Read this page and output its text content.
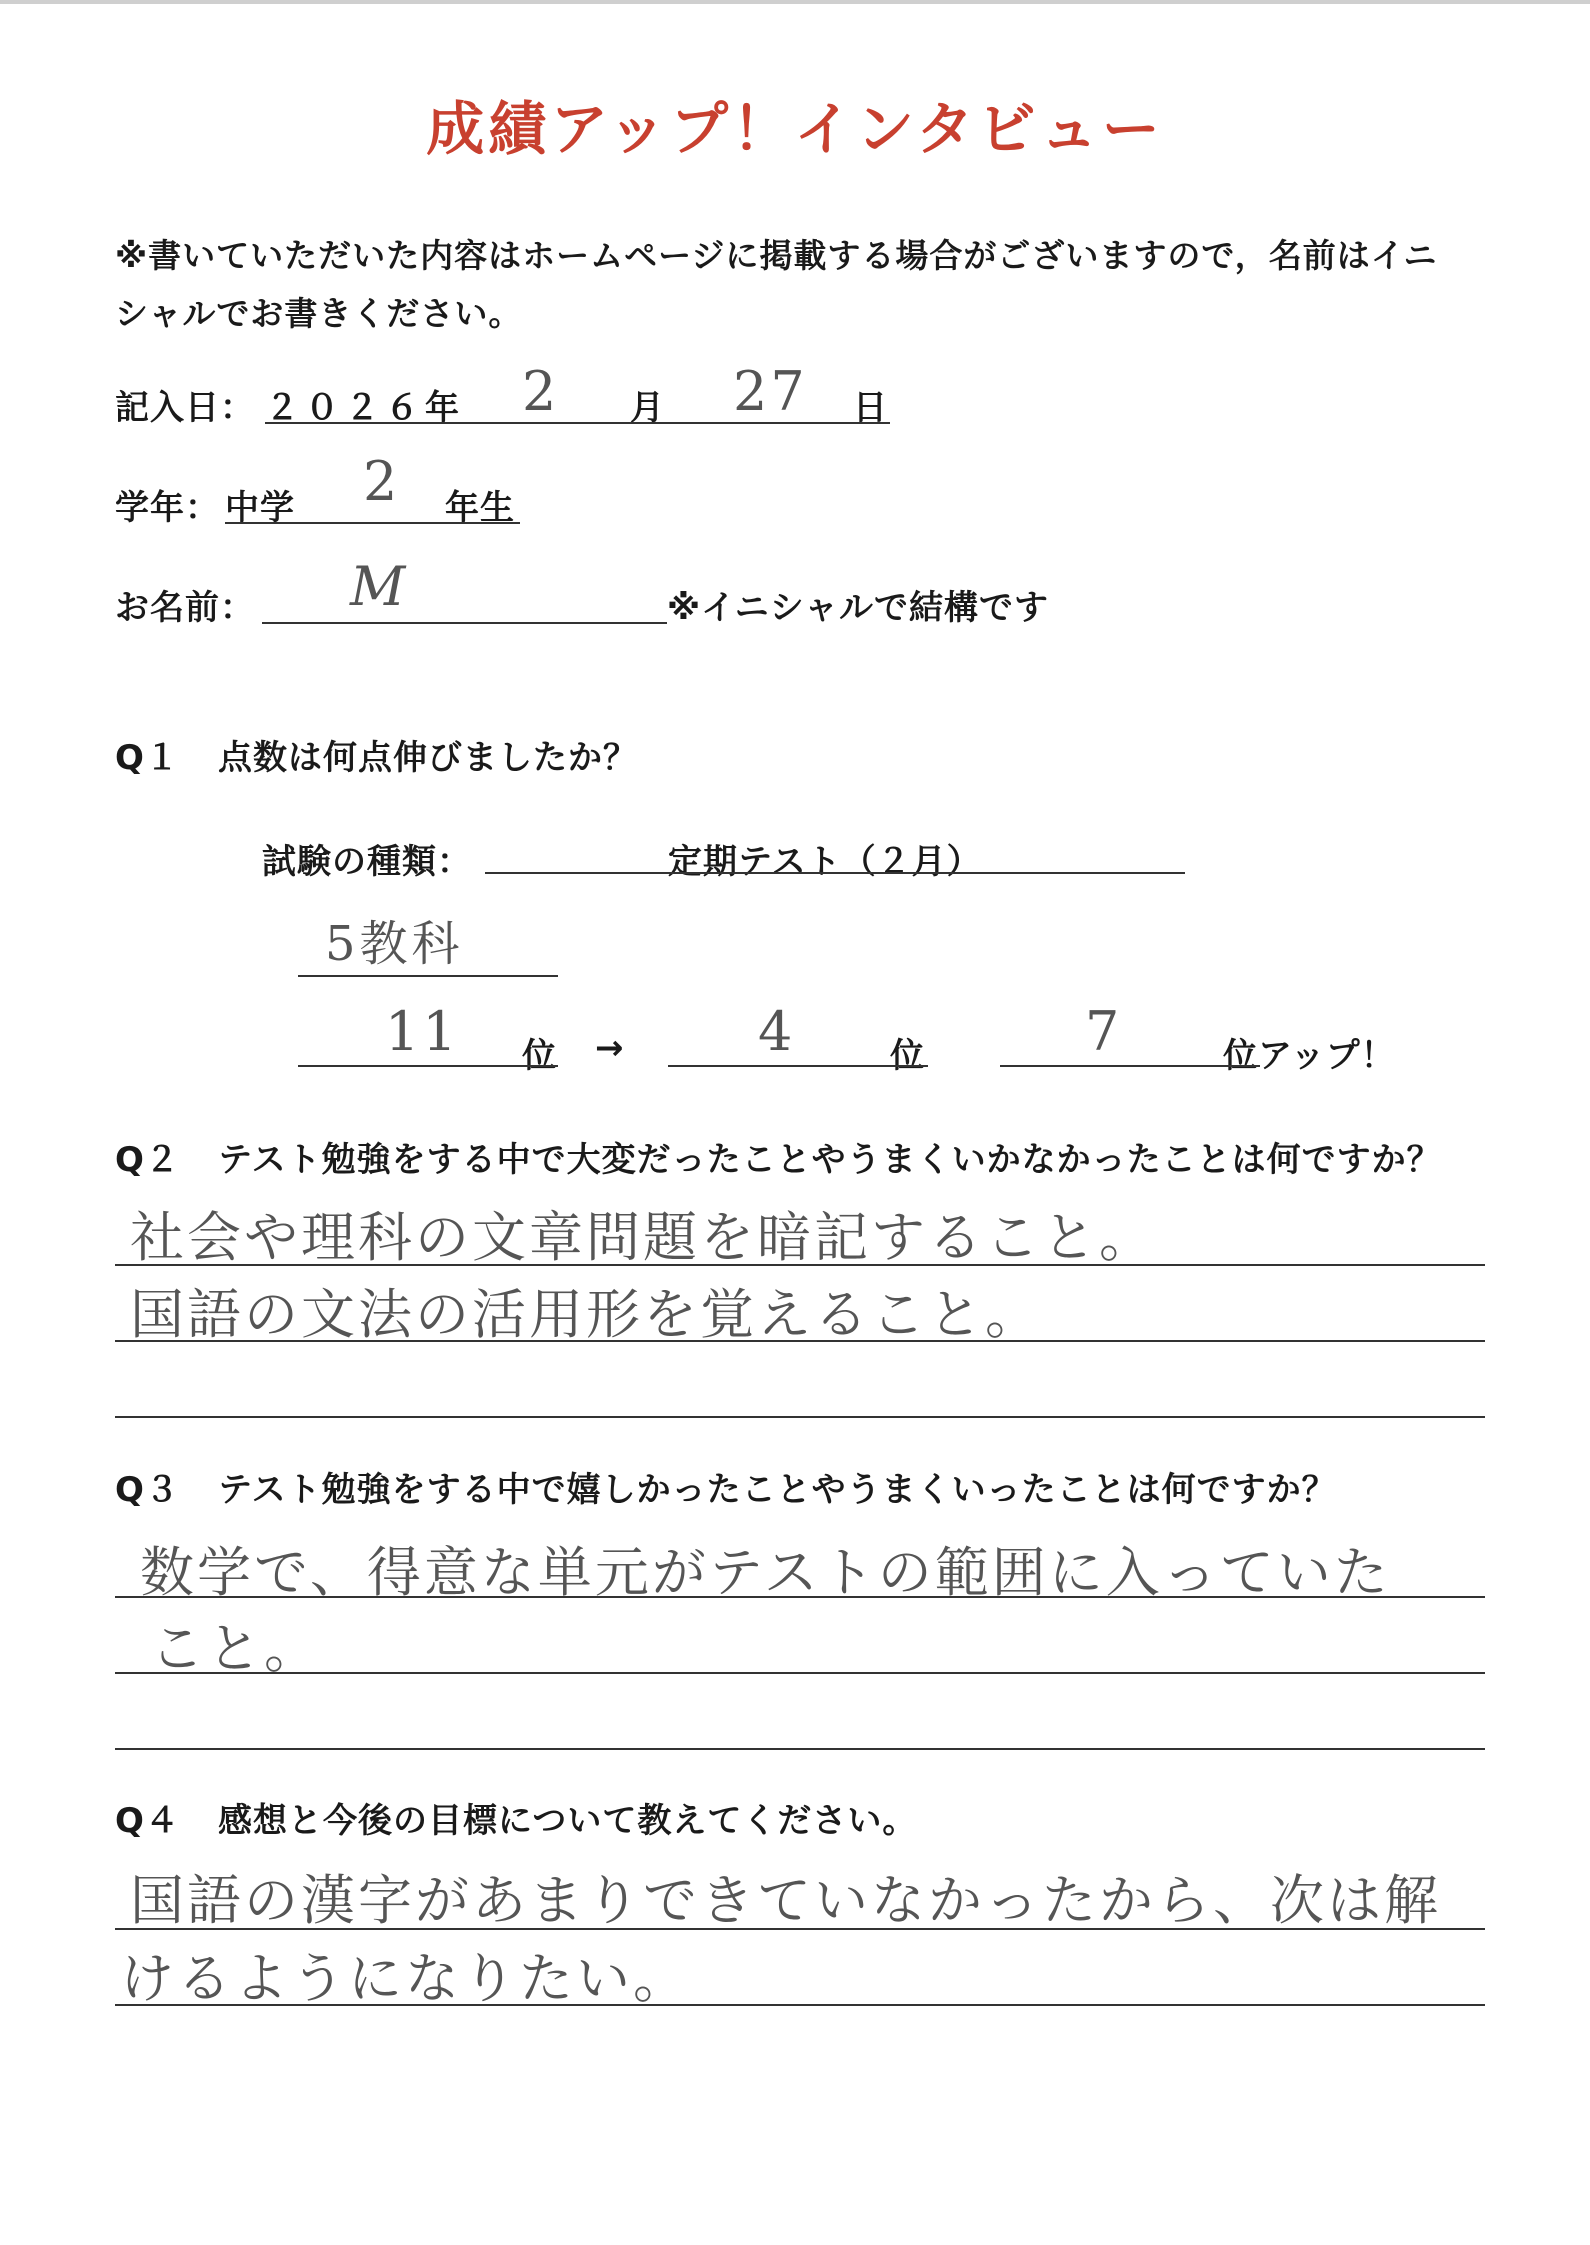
成績アップ！インタビュー
※書いていただいた内容はホームページに掲載する場合がございますので，名前はイニ
シャルでお書きください。
記入日： ２０２６年 2 月 27 日
学年： 中学 2 年生
お名前： M	※イニシャルで結構です
Q１ 点数は何点伸びましたか？
試験の種類：	定期テスト（２月）
5教科
11 位 → 4	位	7	位アップ！
Q２ テスト勉強をする中で大変だったことやうまくいかなかったことは何ですか？
社会や理科の文章問題を暗記すること。
国語の文法の活用形を覚えること。
Q３ テスト勉強をする中で嬉しかったことやうまくいったことは何ですか？
数学で、得意な単元がテストの範囲に入っていた
こと。
Q４ 感想と今後の目標について教えてください。
国語の漢字があまりできていなかったから、次は解
けるようになりたい。
